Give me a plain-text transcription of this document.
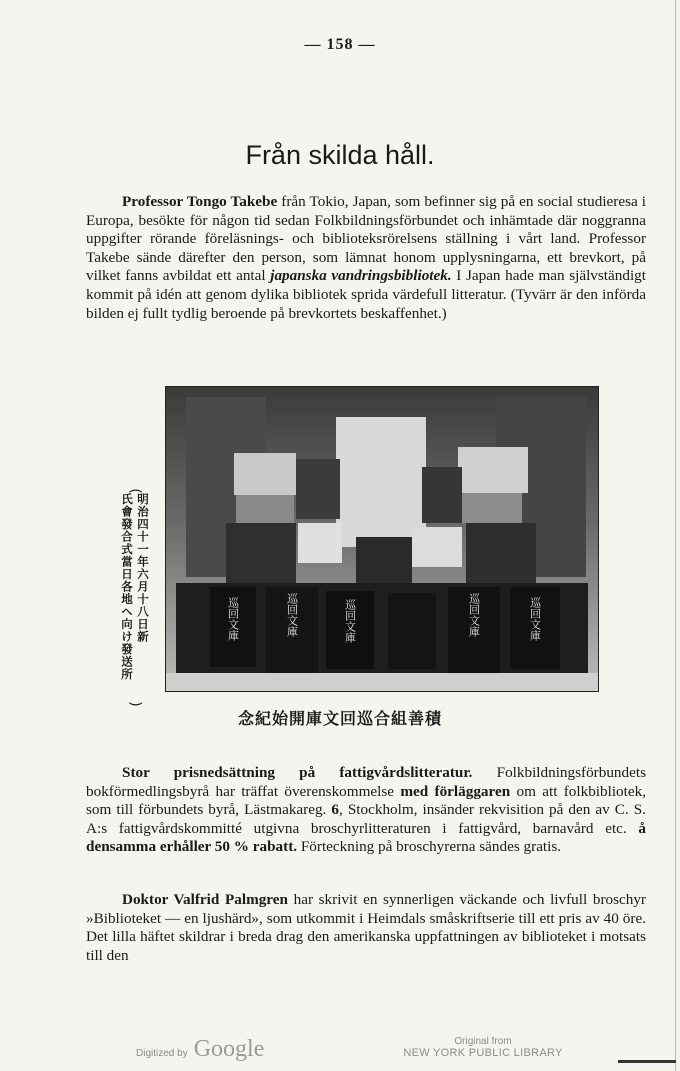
— 158 —
Från skilda håll.

Professor Tongo Takebe från Tokio, Japan, som befinner sig på en social studieresa i Europa, besökte för någon tid sedan Folkbildningsförbundet och inhämtade där noggranna uppgifter rörande föreläsnings- och biblioteksrörelsens ställning i vårt land. Professor Takebe sände därefter den person, som lämnat honom upplysningarna, ett brevkort, på vilket fanns avbildat ett antal japanska vandringsbibliotek. I Japan hade man självständigt kommit på idén att genom dylika bibliotek sprida värdefull litteratur. (Tyvärr är den införda bilden ej fullt tydlig beroende på brevkortets beskaffenhet.)

巡回文庫	巡回文庫	巡回文庫	巡回文庫	巡回文庫
(
明治四十一年六月十八日新
氏會發合式當日各地へ向け發送所
)
念紀始開庫文回巡合組善積

Stor prisnedsättning på fattigvårdslitteratur. Folkbildningsförbundets bokförmedlingsbyrå har träffat överenskommelse med förläggaren om att folkbibliotek, som till förbundets byrå, Lästmakareg. 6, Stockholm, insänder rekvisition på den av C. S. A:s fattigvårdskommitté utgivna broschyrlitteraturen i fattigvård, barnavård etc. å densamma erhåller 50 % rabatt. Förteckning på broschyrerna sändes gratis.

Doktor Valfrid Palmgren har skrivit en synnerligen väckande och livfull broschyr »Biblioteket — en ljushärd», som utkommit i Heimdals småskriftserie till ett pris av 40 öre. Det lilla häftet skildrar i breda drag den amerikanska uppfattningen av biblioteket i motsats till den

Digitized by Google	Original from
NEW YORK PUBLIC LIBRARY
